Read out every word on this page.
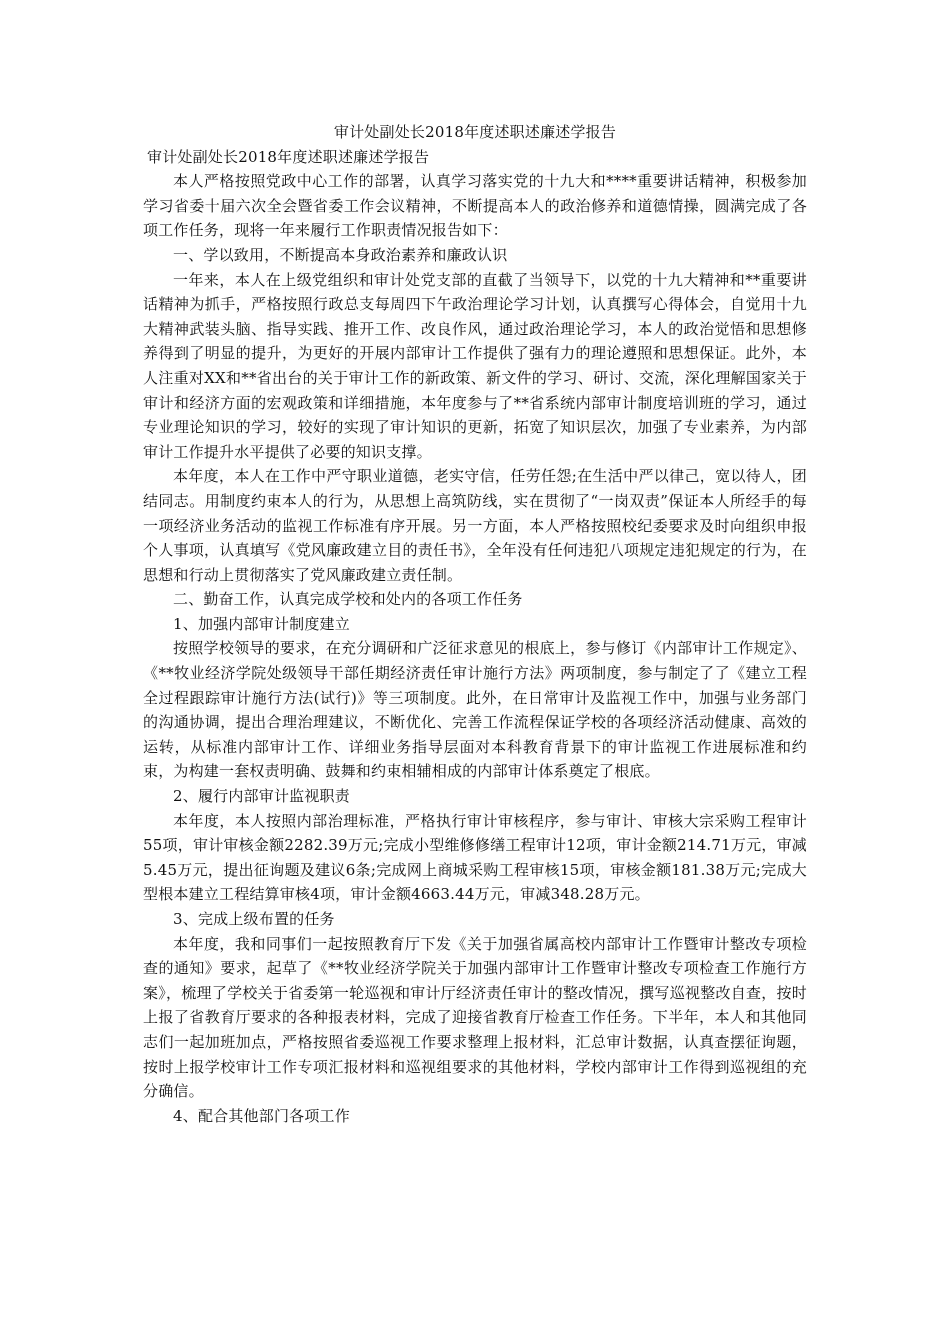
审计处副处长2018年度述职述廉述学报告
审计处副处长2018年度述职述廉述学报告

本人严格按照党政中心工作的部署，认真学习落实党的十九大和****重要讲话精神，积极参加学习省委十届六次全会暨省委工作会议精神，不断提高本人的政治修养和道德情操，圆满完成了各项工作任务，现将一年来履行工作职责情况报告如下：

一、学以致用，不断提高本身政治素养和廉政认识

一年来，本人在上级党组织和审计处党支部的直截了当领导下，以党的十九大精神和**重要讲话精神为抓手，严格按照行政总支每周四下午政治理论学习计划，认真撰写心得体会，自觉用十九大精神武装头脑、指导实践、推开工作、改良作风，通过政治理论学习，本人的政治觉悟和思想修养得到了明显的提升，为更好的开展内部审计工作提供了强有力的理论遵照和思想保证。此外，本人注重对XX和**省出台的关于审计工作的新政策、新文件的学习、研讨、交流，深化理解国家关于审计和经济方面的宏观政策和详细措施，本年度参与了**省系统内部审计制度培训班的学习，通过专业理论知识的学习，较好的实现了审计知识的更新，拓宽了知识层次，加强了专业素养，为内部审计工作提升水平提供了必要的知识支撑。

本年度，本人在工作中严守职业道德，老实守信，任劳任怨;在生活中严以律己，宽以待人，团结同志。用制度约束本人的行为，从思想上高筑防线，实在贯彻了“一岗双责”保证本人所经手的每一项经济业务活动的监视工作标准有序开展。另一方面，本人严格按照校纪委要求及时向组织申报个人事项，认真填写《党风廉政建立目的责任书》，全年没有任何违犯八项规定违犯规定的行为，在思想和行动上贯彻落实了党风廉政建立责任制。

二、勤奋工作，认真完成学校和处内的各项工作任务

1、加强内部审计制度建立

按照学校领导的要求，在充分调研和广泛征求意见的根底上，参与修订《内部审计工作规定》、《**牧业经济学院处级领导干部任期经济责任审计施行方法》两项制度，参与制定了了《建立工程全过程跟踪审计施行方法(试行)》等三项制度。此外，在日常审计及监视工作中，加强与业务部门的沟通协调，提出合理治理建议，不断优化、完善工作流程保证学校的各项经济活动健康、高效的运转，从标准内部审计工作、详细业务指导层面对本科教育背景下的审计监视工作进展标准和约束，为构建一套权责明确、鼓舞和约束相辅相成的内部审计体系奠定了根底。

2、履行内部审计监视职责

本年度，本人按照内部治理标准，严格执行审计审核程序，参与审计、审核大宗采购工程审计55项，审计审核金额2282.39万元;完成小型维修修缮工程审计12项，审计金额214.71万元，审减5.45万元，提出征询题及建议6条;完成网上商城采购工程审核15项，审核金额181.38万元;完成大型根本建立工程结算审核4项，审计金额4663.44万元，审减348.28万元。

3、完成上级布置的任务

本年度，我和同事们一起按照教育厅下发《关于加强省属高校内部审计工作暨审计整改专项检查的通知》要求，起草了《**牧业经济学院关于加强内部审计工作暨审计整改专项检查工作施行方案》，梳理了学校关于省委第一轮巡视和审计厅经济责任审计的整改情况，撰写巡视整改自查，按时上报了省教育厅要求的各种报表材料，完成了迎接省教育厅检查工作任务。下半年，本人和其他同志们一起加班加点，严格按照省委巡视工作要求整理上报材料，汇总审计数据，认真查摆征询题，按时上报学校审计工作专项汇报材料和巡视组要求的其他材料，学校内部审计工作得到巡视组的充分确信。

4、配合其他部门各项工作
